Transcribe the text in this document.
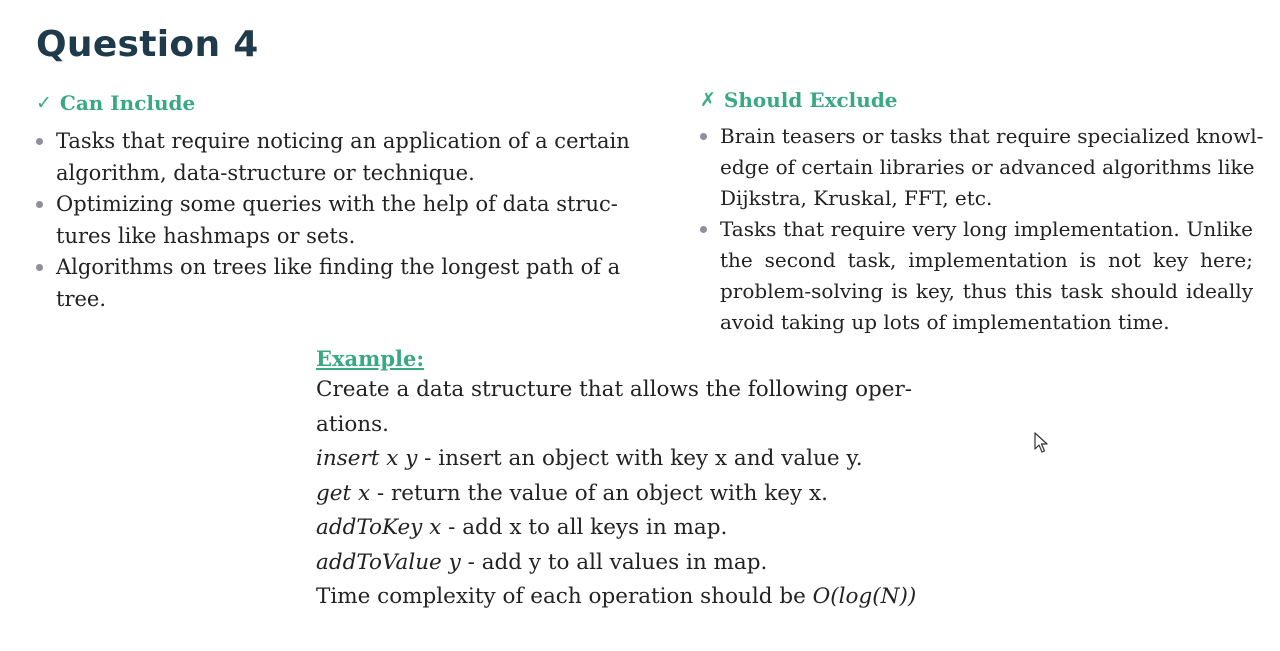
Question 4
✓ Can Include
Tasks that require noticing an application of a certain
algorithm, data-structure or technique.
Optimizing some queries with the help of data struc-
tures like hashmaps or sets.
Algorithms on trees like finding the longest path of a
tree.
✗ Should Exclude
Brain teasers or tasks that require specialized knowl-
edge of certain libraries or advanced algorithms like
Dijkstra, Kruskal, FFT, etc.
Tasks that require very long implementation. Unlike
the second task, implementation is not key here;
problem-solving is key, thus this task should ideally
avoid taking up lots of implementation time.
Example:
Create a data structure that allows the following oper-
ations.
insert x y - insert an object with key x and value y.
get x - return the value of an object with key x.
addToKey x - add x to all keys in map.
addToValue y - add y to all values in map.
Time complexity of each operation should be O(log(N))
